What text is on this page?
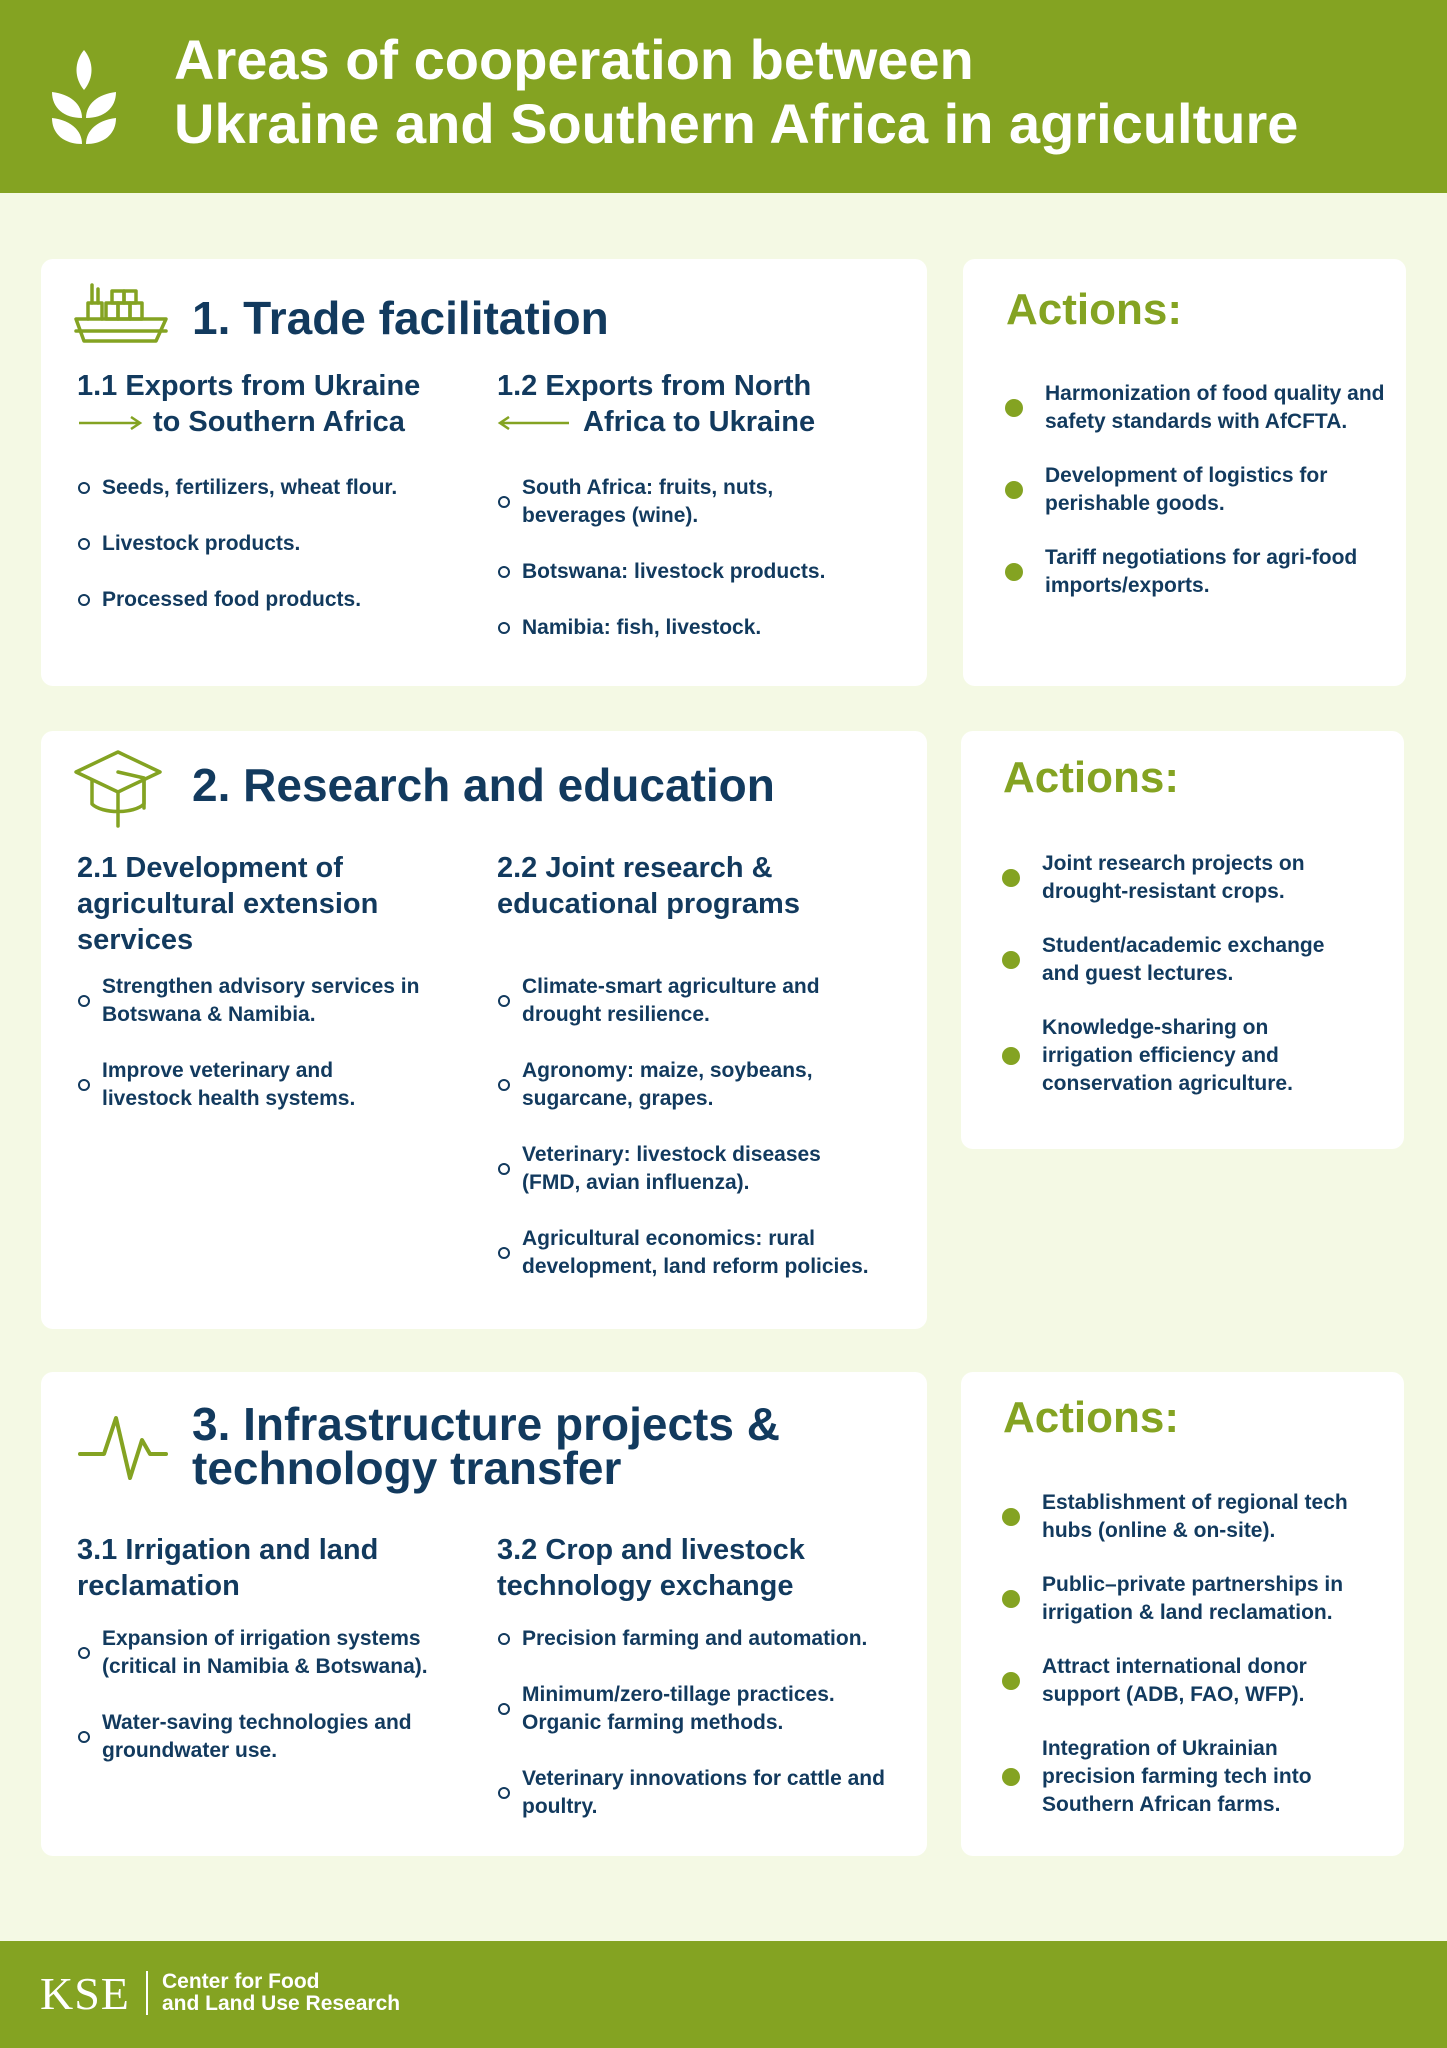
Areas of cooperation between
Ukraine and Southern Africa in agriculture
1. Trade facilitation
1.1 Exports from Ukraine
to Southern Africa
Seeds, fertilizers, wheat flour.
Livestock products.
Processed food products.
1.2 Exports from North
Africa to Ukraine
South Africa: fruits, nuts, beverages (wine).
Botswana: livestock products.
Namibia: fish, livestock.
Actions:
Harmonization of food quality and safety standards with AfCFTA.
Development of logistics for perishable goods.
Tariff negotiations for agri-food imports/exports.
2. Research and education
2.1 Development of
agricultural extension
services
Strengthen advisory services in Botswana & Namibia.
Improve veterinary and livestock health systems.
2.2 Joint research &
educational programs
Climate-smart agriculture and drought resilience.
Agronomy: maize, soybeans, sugarcane, grapes.
Veterinary: livestock diseases (FMD, avian influenza).
Agricultural economics: rural development, land reform policies.
Actions:
Joint research projects on drought-resistant crops.
Student/academic exchange and guest lectures.
Knowledge-sharing on irrigation efficiency and conservation agriculture.
3. Infrastructure projects &
technology transfer
3.1 Irrigation and land
reclamation
Expansion of irrigation systems (critical in Namibia & Botswana).
Water-saving technologies and groundwater use.
3.2 Crop and livestock
technology exchange
Precision farming and automation.
Minimum/zero-tillage practices. Organic farming methods.
Veterinary innovations for cattle and poultry.
Actions:
Establishment of regional tech hubs (online & on-site).
Public–private partnerships in irrigation & land reclamation.
Attract international donor support (ADB, FAO, WFP).
Integration of Ukrainian precision farming tech into Southern African farms.
KSE Center for Food
and Land Use Research
